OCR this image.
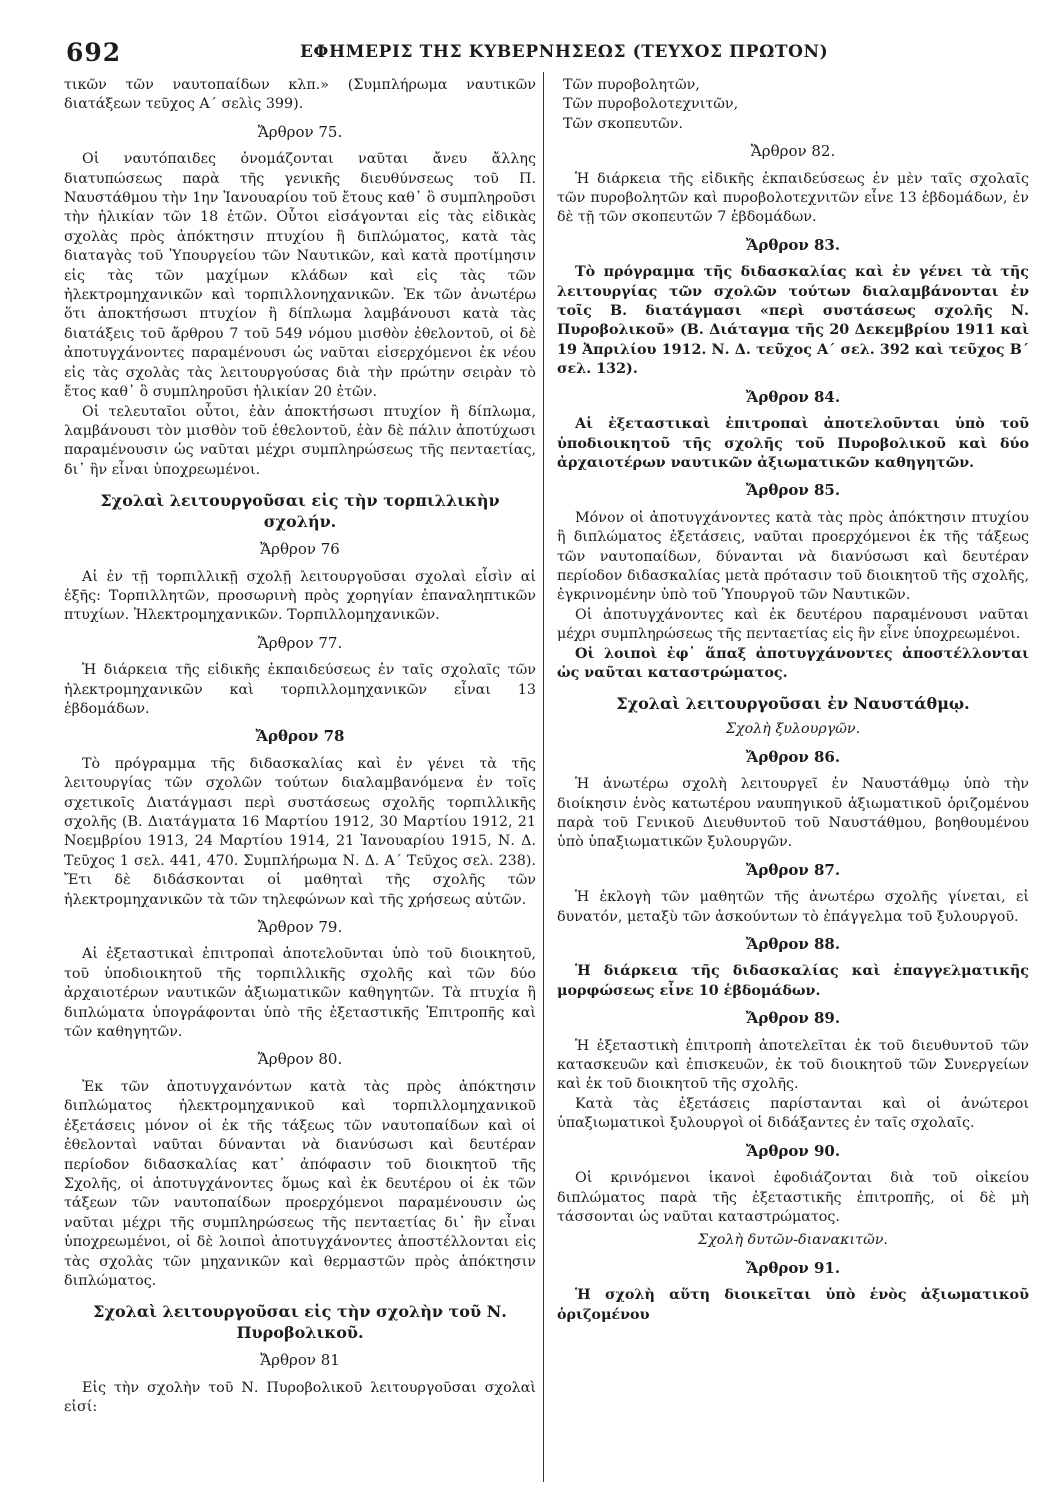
692	ΕΦΗΜΕΡΙΣ ΤΗΣ ΚΥΒΕΡΝΗΣΕΩΣ (ΤΕΥΧΟΣ ΠΡΩΤΟΝ)

τικῶν τῶν ναυτοπαίδων κλπ.» (Συμπλήρωμα ναυτικῶν διατάξεων τεῦχος Α΄ σελὶς 399).

Ἄρθρον 75.

Οἱ ναυτόπαιδες ὀνομάζονται ναῦται ἄνευ ἄλλης διατυπώσεως παρὰ τῆς γενικῆς διευθύνσεως τοῦ Π. Ναυστάθμου τὴν 1ην Ἰανουαρίου τοῦ ἔτους καθ᾽ ὃ συμπληροῦσι τὴν ἡλικίαν τῶν 18 ἐτῶν. Οὗτοι εἰσάγονται εἰς τὰς εἰδικὰς σχολὰς πρὸς ἀπόκτησιν πτυχίου ἢ διπλώματος, κατὰ τὰς διαταγὰς τοῦ Ὑπουργείου τῶν Ναυτικῶν, καὶ κατὰ προτίμησιν εἰς τὰς τῶν μαχίμων κλάδων καὶ εἰς τὰς τῶν ἠλεκτρομηχανικῶν καὶ τορπιλλονηχανικῶν. Ἐκ τῶν ἀνωτέρω ὅτι ἀποκτήσωσι πτυχίον ἢ δίπλωμα λαμβάνουσι κατὰ τὰς διατάξεις τοῦ ἄρθρου 7 τοῦ 549 νόμου μισθὸν ἐθελοντοῦ, οἱ δὲ ἀποτυγχάνοντες παραμένουσι ὡς ναῦται εἰσερχόμενοι ἐκ νέου εἰς τὰς σχολὰς τὰς λειτουργούσας διὰ τὴν πρώτην σειρὰν τὸ ἔτος καθ᾽ ὃ συμπληροῦσι ἡλικίαν 20 ἐτῶν.

Οἱ τελευταῖοι οὗτοι, ἐὰν ἀποκτήσωσι πτυχίον ἢ δίπλωμα, λαμβάνουσι τὸν μισθὸν τοῦ ἐθελοντοῦ, ἐὰν δὲ πάλιν ἀποτύχωσι παραμένουσιν ὡς ναῦται μέχρι συμπληρώσεως τῆς πενταετίας, δι᾽ ἣν εἶναι ὑποχρεωμένοι.

Σχολαὶ λειτουργοῦσαι εἰς τὴν τορπιλλικὴν σχολήν.
Ἄρθρον 76

Αἱ ἐν τῇ τορπιλλικῇ σχολῇ λειτουργοῦσαι σχολαὶ εἶσὶν αἱ ἑξῆς: Τορπιλλητῶν, προσωρινὴ πρὸς χορηγίαν ἐπαναληπτικῶν πτυχίων. Ἠλεκτρομηχανικῶν. Τορπιλλομηχανικῶν.

Ἄρθρον 77.

Ἡ διάρκεια τῆς εἰδικῆς ἐκπαιδεύσεως ἐν ταῖς σχολαῖς τῶν ἠλεκτρομηχανικῶν καὶ τορπιλλομηχανικῶν εἶναι 13 ἑβδομάδων.

Ἄρθρον 78

Τὸ πρόγραμμα τῆς διδασκαλίας καὶ ἐν γένει τὰ τῆς λειτουργίας τῶν σχολῶν τούτων διαλαμβανόμενα ἐν τοῖς σχετικοῖς Διατάγμασι περὶ συστάσεως σχολῆς τορπιλλικῆς σχολῆς (Β. Διατάγματα 16 Μαρτίου 1912, 30 Μαρτίου 1912, 21 Νοεμβρίου 1913, 24 Μαρτίου 1914, 21 Ἰανουαρίου 1915, Ν. Δ. Τεῦχος 1 σελ. 441, 470. Συμπλήρωμα Ν. Δ. Α΄ Τεῦχος σελ. 238). Ἔτι δὲ διδάσκονται οἱ μαθηταὶ τῆς σχολῆς τῶν ἠλεκτρομηχανικῶν τὰ τῶν τηλεφώνων καὶ τῆς χρήσεως αὐτῶν.

Ἄρθρον 79.

Αἱ ἐξεταστικαὶ ἐπιτροπαὶ ἀποτελοῦνται ὑπὸ τοῦ διοικητοῦ, τοῦ ὑποδιοικητοῦ τῆς τορπιλλικῆς σχολῆς καὶ τῶν δύο ἀρχαιοτέρων ναυτικῶν ἀξιωματικῶν καθηγητῶν. Τὰ πτυχία ἢ διπλώματα ὑπογράφονται ὑπὸ τῆς ἐξεταστικῆς Ἐπιτροπῆς καὶ τῶν καθηγητῶν.

Ἄρθρον 80.

Ἐκ τῶν ἀποτυγχανόντων κατὰ τὰς πρὸς ἀπόκτησιν διπλώματος ἠλεκτρομηχανικοῦ καὶ τορπιλλομηχανικοῦ ἐξετάσεις μόνον οἱ ἐκ τῆς τάξεως τῶν ναυτοπαίδων καὶ οἱ ἐθελονταὶ ναῦται δύνανται νὰ διανύσωσι καὶ δευτέραν περίοδον διδασκαλίας κατ᾽ ἀπόφασιν τοῦ διοικητοῦ τῆς Σχολῆς, οἱ ἀποτυγχάνοντες ὅμως καὶ ἐκ δευτέρου οἱ ἐκ τῶν τάξεων τῶν ναυτοπαίδων προερχόμενοι παραμένουσιν ὡς ναῦται μέχρι τῆς συμπληρώσεως τῆς πενταετίας δι᾽ ἣν εἶναι ὑποχρεωμένοι, οἱ δὲ λοιποὶ ἀποτυγχάνοντες ἀποστέλλονται εἰς τὰς σχολὰς τῶν μηχανικῶν καὶ θερμαστῶν πρὸς ἀπόκτησιν διπλώματος.

Σχολαὶ λειτουργοῦσαι εἰς τὴν σχολὴν τοῦ Ν. Πυροβολικοῦ.
Ἄρθρον 81

Εἰς τὴν σχολὴν τοῦ Ν. Πυροβολικοῦ λειτουργοῦσαι σχολαὶ εἰσί:

Τῶν πυροβολητῶν,
Τῶν πυροβολοτεχνιτῶν,
Τῶν σκοπευτῶν.
Ἄρθρον 82.

Ἡ διάρκεια τῆς εἰδικῆς ἐκπαιδεύσεως ἐν μὲν ταῖς σχολαῖς τῶν πυροβολητῶν καὶ πυροβολοτεχνιτῶν εἶνε 13 ἑβδομάδων, ἐν δὲ τῇ τῶν σκοπευτῶν 7 ἑβδομάδων.

Ἄρθρον 83.

Τὸ πρόγραμμα τῆς διδασκαλίας καὶ ἐν γένει τὰ τῆς λειτουργίας τῶν σχολῶν τούτων διαλαμβάνονται ἐν τοῖς Β. διατάγμασι «περὶ συστάσεως σχολῆς Ν. Πυροβολικοῦ» (Β. Διάταγμα τῆς 20 Δεκεμβρίου 1911 καὶ 19 Ἀπριλίου 1912. Ν. Δ. τεῦχος Α΄ σελ. 392 καὶ τεῦχος Β΄ σελ. 132).

Ἄρθρον 84.

Αἱ ἐξεταστικαὶ ἐπιτροπαὶ ἀποτελοῦνται ὑπὸ τοῦ ὑποδιοικητοῦ τῆς σχολῆς τοῦ Πυροβολικοῦ καὶ δύο ἀρχαιοτέρων ναυτικῶν ἀξιωματικῶν καθηγητῶν.

Ἄρθρον 85.

Μόνον οἱ ἀποτυγχάνοντες κατὰ τὰς πρὸς ἀπόκτησιν πτυχίου ἢ διπλώματος ἐξετάσεις, ναῦται προερχόμενοι ἐκ τῆς τάξεως τῶν ναυτοπαίδων, δύνανται νὰ διανύσωσι καὶ δευτέραν περίοδον διδασκαλίας μετὰ πρότασιν τοῦ διοικητοῦ τῆς σχολῆς, ἐγκρινομένην ὑπὸ τοῦ Ὑπουργοῦ τῶν Ναυτικῶν.

Οἱ ἀποτυγχάνοντες καὶ ἐκ δευτέρου παραμένουσι ναῦται μέχρι συμπληρώσεως τῆς πενταετίας εἰς ἣν εἶνε ὑποχρεωμένοι.

Οἱ λοιποὶ ἐφ᾽ ἅπαξ ἀποτυγχάνοντες ἀποστέλλονται ὡς ναῦται καταστρώματος.

Σχολαὶ λειτουργοῦσαι ἐν Ναυστάθμῳ.
Σχολὴ ξυλουργῶν.
Ἄρθρον 86.

Ἡ ἀνωτέρω σχολὴ λειτουργεῖ ἐν Ναυστάθμῳ ὑπὸ τὴν διοίκησιν ἑνὸς κατωτέρου ναυπηγικοῦ ἀξιωματικοῦ ὁριζομένου παρὰ τοῦ Γενικοῦ Διευθυντοῦ τοῦ Ναυστάθμου, βοηθουμένου ὑπὸ ὑπαξιωματικῶν ξυλουργῶν.

Ἄρθρον 87.

Ἡ ἐκλογὴ τῶν μαθητῶν τῆς ἀνωτέρω σχολῆς γίνεται, εἰ δυνατόν, μεταξὺ τῶν ἀσκούντων τὸ ἐπάγγελμα τοῦ ξυλουργοῦ.

Ἄρθρον 88.

Ἡ διάρκεια τῆς διδασκαλίας καὶ ἐπαγγελματικῆς μορφώσεως εἶνε 10 ἑβδομάδων.

Ἄρθρον 89.

Ἡ ἐξεταστικὴ ἐπιτροπὴ ἀποτελεῖται ἐκ τοῦ διευθυντοῦ τῶν κατασκευῶν καὶ ἐπισκευῶν, ἐκ τοῦ διοικητοῦ τῶν Συνεργείων καὶ ἐκ τοῦ διοικητοῦ τῆς σχολῆς.

Κατὰ τὰς ἐξετάσεις παρίστανται καὶ οἱ ἀνώτεροι ὑπαξιωματικοὶ ξυλουργοὶ οἱ διδάξαντες ἐν ταῖς σχολαῖς.

Ἄρθρον 90.

Οἱ κρινόμενοι ἱκανοὶ ἐφοδιάζονται διὰ τοῦ οἰκείου διπλώματος παρὰ τῆς ἐξεταστικῆς ἐπιτροπῆς, οἱ δὲ μὴ τάσσονται ὡς ναῦται καταστρώματος.

Σχολὴ δυτῶν-διανακιτῶν.
Ἄρθρον 91.

Ἡ σχολὴ αὕτη διοικεῖται ὑπὸ ἑνὸς ἀξιωματικοῦ ὁριζομένου
